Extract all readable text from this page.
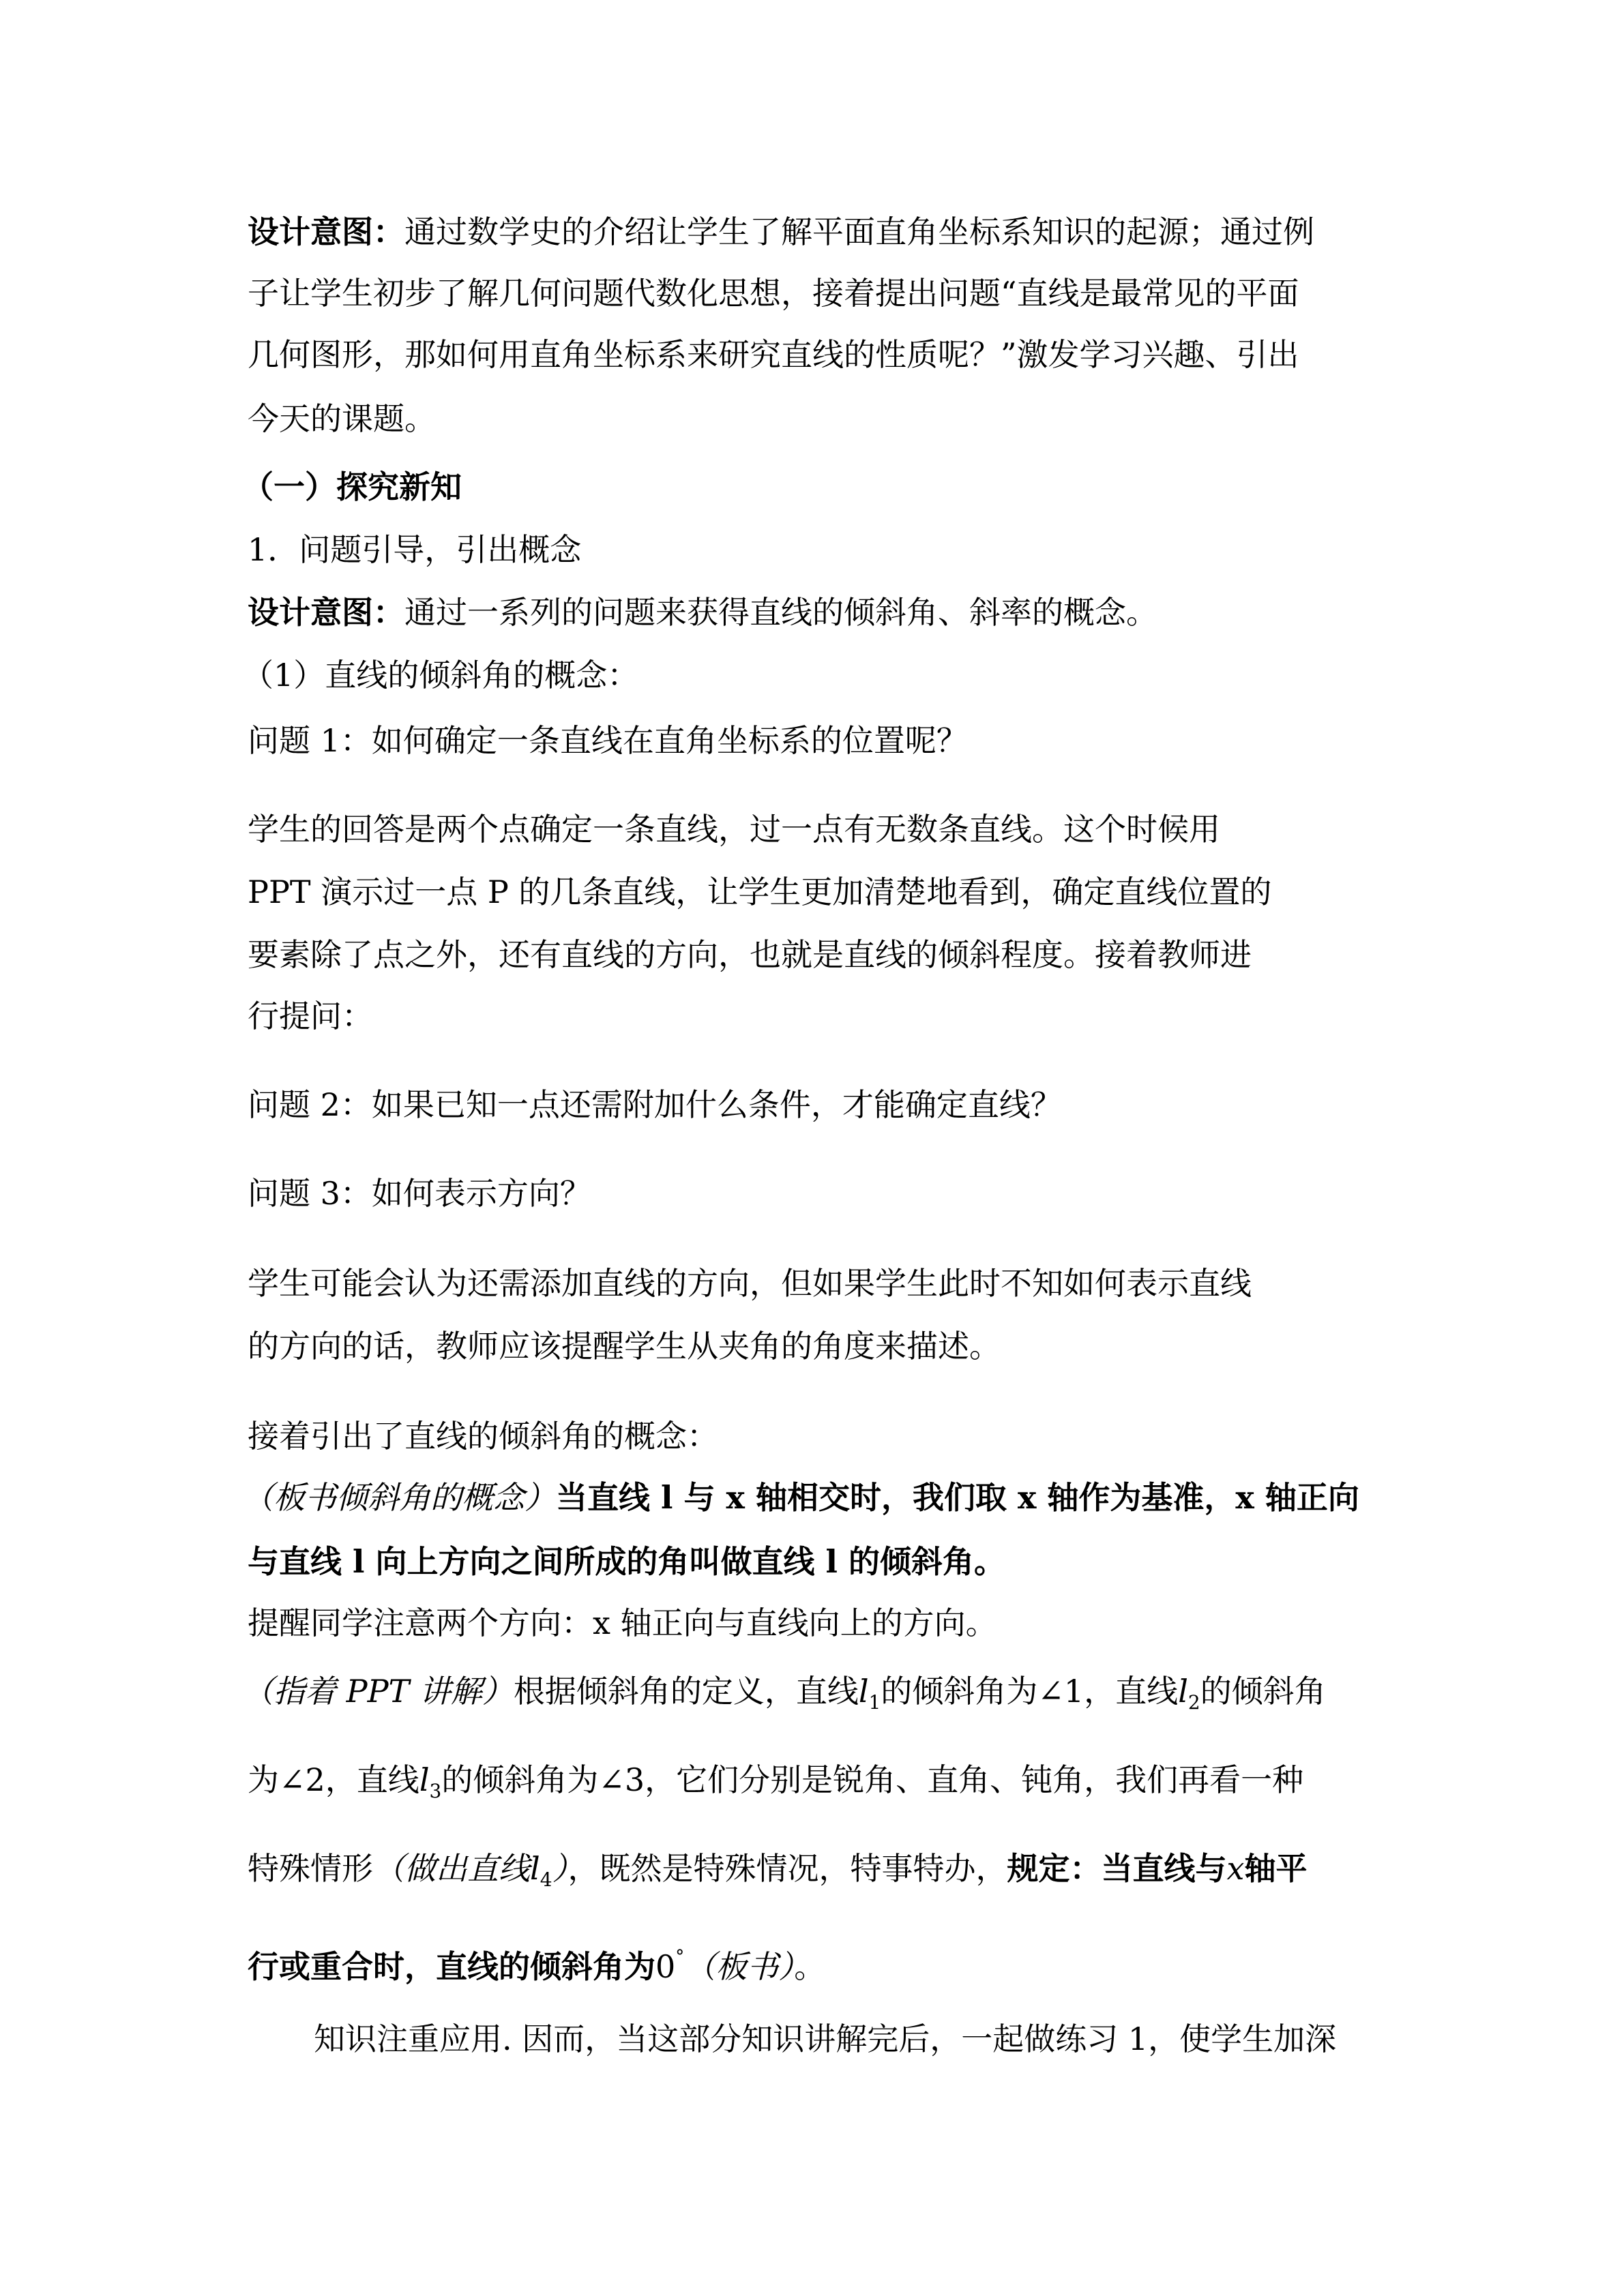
设计意图：通过数学史的介绍让学生了解平面直角坐标系知识的起源；通过例
子让学生初步了解几何问题代数化思想，接着提出问题“直线是最常见的平面
几何图形，那如何用直角坐标系来研究直线的性质呢？”激发学习兴趣、引出
今天的课题。
（一）探究新知
1．问题引导，引出概念
设计意图：通过一系列的问题来获得直线的倾斜角、斜率的概念。
（1）直线的倾斜角的概念：
问题 1：如何确定一条直线在直角坐标系的位置呢？
学生的回答是两个点确定一条直线，过一点有无数条直线。这个时候用
PPT 演示过一点 P 的几条直线，让学生更加清楚地看到，确定直线位置的
要素除了点之外，还有直线的方向，也就是直线的倾斜程度。接着教师进
行提问：
问题 2：如果已知一点还需附加什么条件，才能确定直线？
问题 3：如何表示方向？
学生可能会认为还需添加直线的方向，但如果学生此时不知如何表示直线
的方向的话，教师应该提醒学生从夹角的角度来描述。
接着引出了直线的倾斜角的概念：
（板书倾斜角的概念）当直线 l 与 x 轴相交时，我们取 x 轴作为基准，x 轴正向
与直线 l 向上方向之间所成的角叫做直线 l 的倾斜角。
提醒同学注意两个方向：x 轴正向与直线向上的方向。
（指着 PPT 讲解）根据倾斜角的定义，直线$l_1$的倾斜角为∠1，直线$l_2$的倾斜角
为∠2，直线$l_3$的倾斜角为∠3，它们分别是锐角、直角、钝角，我们再看一种
特殊情形（做出直线$l_4$），既然是特殊情况，特事特办，规定：当直线与x轴平
行或重合时，直线的倾斜角为0°（板书）。
知识注重应用. 因而，当这部分知识讲解完后，一起做练习 1，使学生加深
